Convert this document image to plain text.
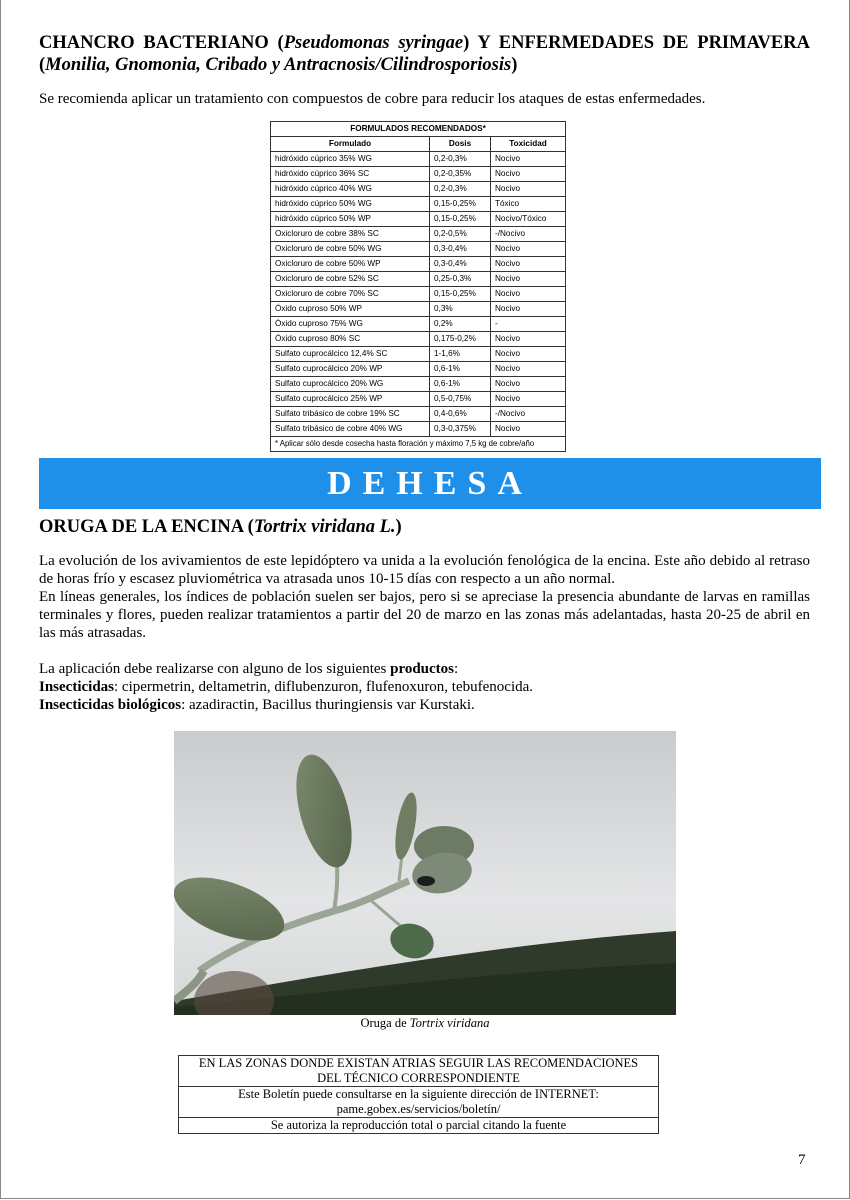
CHANCRO BACTERIANO (Pseudomonas syringae) Y ENFERMEDADES DE PRIMAVERA (Monilia, Gnomonia, Cribado y Antracnosis/Cilindrosporiosis)
Se recomienda aplicar un tratamiento con compuestos de cobre para reducir los ataques de estas enfermedades.
FORMULADOS RECOMENDADOS*		
Formulado	Dosis	Toxicidad
hidróxido cúprico 35% WG	0,2-0,3%	Nocivo
hidróxido cúprico 36% SC	0,2-0,35%	Nocivo
hidróxido cúprico 40% WG	0,2-0,3%	Nocivo
hidróxido cúprico 50% WG	0,15-0,25%	Tóxico
hidróxido cúprico 50% WP	0,15-0,25%	Nocivo/Tóxico
Oxicloruro de cobre 38% SC	0,2-0,5%	-/Nocivo
Oxicloruro de cobre 50% WG	0,3-0,4%	Nocivo
Oxicloruro de cobre 50% WP	0,3-0,4%	Nocivo
Oxicloruro de cobre 52% SC	0,25-0,3%	Nocivo
Oxicloruro de cobre 70% SC	0,15-0,25%	Nocivo
Óxido cuproso 50% WP	0,3%	Nocivo
Óxido cuproso 75% WG	0,2%	-
Óxido cuproso 80% SC	0,175-0,2%	Nocivo
Sulfato cuprocálcico 12,4% SC	1-1,6%	Nocivo
Sulfato cuprocálcico 20% WP	0,6-1%	Nocivo
Sulfato cuprocálcico 20% WG	0,6-1%	Nocivo
Sulfato cuprocálcico 25% WP	0,5-0,75%	Nocivo
Sulfato tribásico de cobre 19% SC	0,4-0,6%	-/Nocivo
Sulfato tribásico de cobre 40% WG	0,3-0,375%	Nocivo
* Aplicar sólo desde cosecha hasta floración y máximo 7,5 kg de cobre/año		
DEHESA
ORUGA DE LA ENCINA (Tortrix viridana L.)
La evolución de los avivamientos de este lepidóptero va unida a la evolución fenológica de la encina. Este año debido al retraso de horas frío y escasez pluviométrica va atrasada unos 10-15 días con respecto a un año normal.
En líneas generales, los índices de población suelen ser bajos, pero si se apreciase la presencia abundante de larvas en ramillas terminales y flores, pueden realizar tratamientos a partir del 20 de marzo en las zonas más adelantadas, hasta 20-25 de abril en las más atrasadas.
La aplicación debe realizarse con alguno de los siguientes productos:
Insecticidas: cipermetrin, deltametrin, diflubenzuron, flufenoxuron, tebufenocida.
Insecticidas biológicos: azadiractin, Bacillus thuringiensis var Kurstaki.
Oruga de Tortrix viridana
EN LAS ZONAS DONDE EXISTAN ATRIAS SEGUIR LAS RECOMENDACIONES
DEL TÉCNICO CORRESPONDIENTE

Este Boletín puede consultarse en la siguiente dirección de INTERNET:
pame.gobex.es/servicios/boletín/

Se autoriza la reproducción total o parcial citando la fuente
7
